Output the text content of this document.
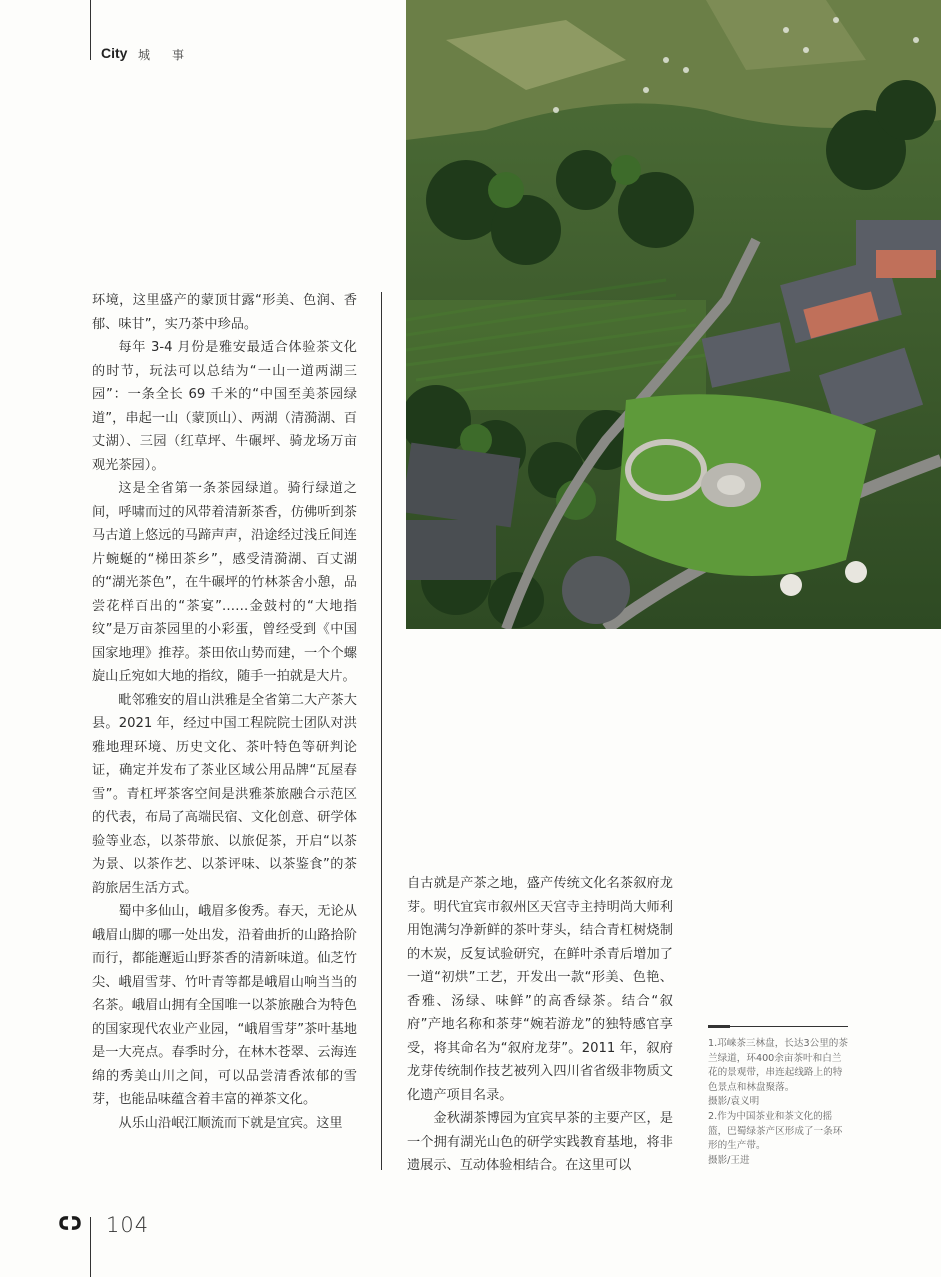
City 城事

环境，这里盛产的蒙顶甘露“形美、色润、香郁、味甘”，实乃茶中珍品。

每年 3-4 月份是雅安最适合体验茶文化的时节，玩法可以总结为“一山一道两湖三园”：一条全长 69 千米的“中国至美茶园绿道”，串起一山（蒙顶山）、两湖（清漪湖、百丈湖）、三园（红草坪、牛碾坪、骑龙场万亩观光茶园）。

这是全省第一条茶园绿道。骑行绿道之间，呼啸而过的风带着清新茶香，仿佛听到茶马古道上悠远的马蹄声声，沿途经过浅丘间连片蜿蜒的“梯田茶乡”，感受清漪湖、百丈湖的“湖光茶色”，在牛碾坪的竹林茶舍小憩，品尝花样百出的“茶宴”……金鼓村的“大地指纹”是万亩茶园里的小彩蛋，曾经受到《中国国家地理》推荐。茶田依山势而建，一个个螺旋山丘宛如大地的指纹，随手一拍就是大片。

毗邻雅安的眉山洪雅是全省第二大产茶大县。2021 年，经过中国工程院院士团队对洪雅地理环境、历史文化、茶叶特色等研判论证，确定并发布了茶业区域公用品牌“瓦屋春雪”。青杠坪茶客空间是洪雅茶旅融合示范区的代表，布局了高端民宿、文化创意、研学体验等业态，以茶带旅、以旅促茶，开启“以茶为景、以茶作艺、以茶评味、以茶鉴食”的茶韵旅居生活方式。

蜀中多仙山，峨眉多俊秀。春天，无论从峨眉山脚的哪一处出发，沿着曲折的山路拾阶而行，都能邂逅山野茶香的清新味道。仙芝竹尖、峨眉雪芽、竹叶青等都是峨眉山响当当的名茶。峨眉山拥有全国唯一以茶旅融合为特色的国家现代农业产业园，“峨眉雪芽”茶叶基地是一大亮点。春季时分，在林木苍翠、云海连绵的秀美山川之间，可以品尝清香浓郁的雪芽，也能品味蕴含着丰富的禅茶文化。

从乐山沿岷江顺流而下就是宜宾。这里

自古就是产茶之地，盛产传统文化名茶叙府龙芽。明代宜宾市叙州区天宫寺主持明尚大师利用饱满匀净新鲜的茶叶芽头，结合青杠树烧制的木炭，反复试验研究，在鲜叶杀青后增加了一道“初烘”工艺，开发出一款“形美、色艳、香雅、汤绿、味鲜”的高香绿茶。结合“叙府”产地名称和茶芽“婉若游龙”的独特感官享受，将其命名为“叙府龙芽”。2011 年，叙府龙芽传统制作技艺被列入四川省省级非物质文化遗产项目名录。

金秋湖茶博园为宜宾早茶的主要产区，是一个拥有湖光山色的研学实践教育基地，将非遗展示、互动体验相结合。在这里可以

1.邛崃茶三林盘，长达3公里的茶兰绿道，环400余亩茶叶和白兰花的景观带，串连起线路上的特色景点和林盘聚落。

摄影/袁义明

2.作为中国茶业和茶文化的摇篮，巴蜀绿茶产区形成了一条环形的生产带。

摄影/王进

104
